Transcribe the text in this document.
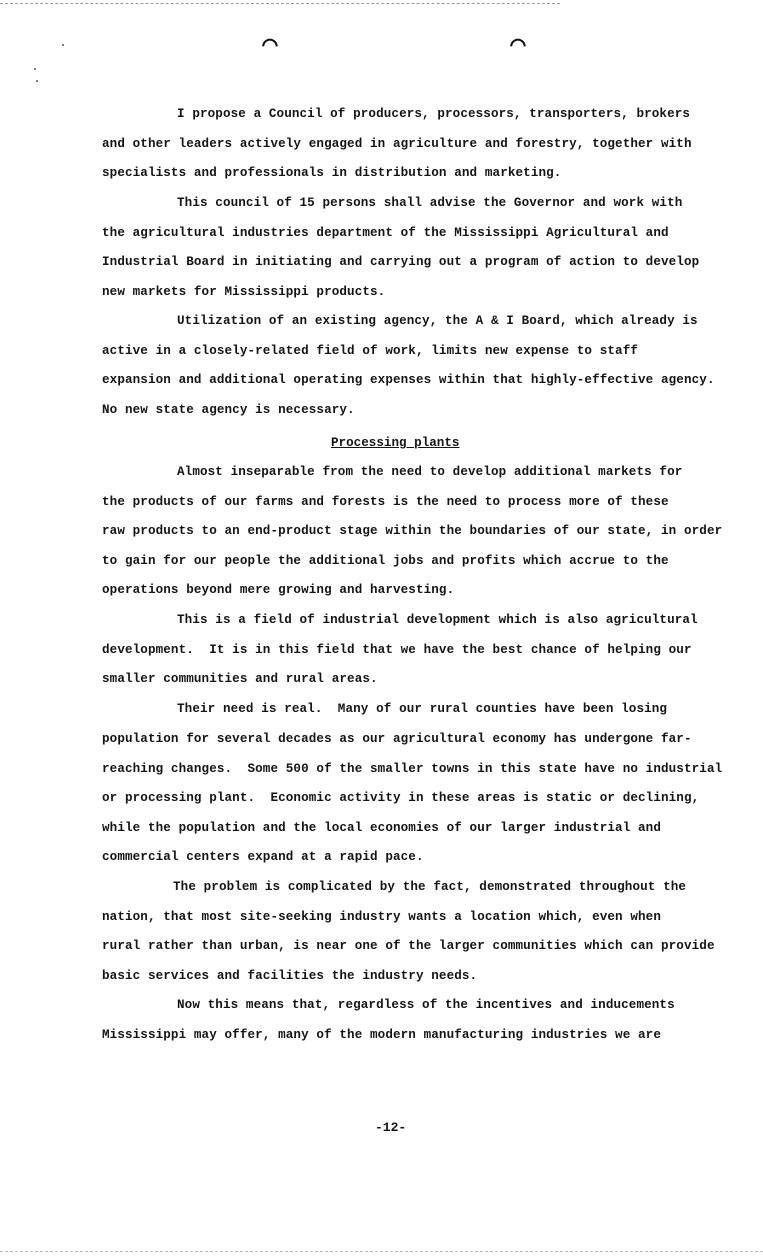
⌒	⌒
I propose a Council of producers, processors, transporters, brokers
and other leaders actively engaged in agriculture and forestry, together with
specialists and professionals in distribution and marketing.
This council of 15 persons shall advise the Governor and work with
the agricultural industries department of the Mississippi Agricultural and
Industrial Board in initiating and carrying out a program of action to develop
new markets for Mississippi products.
Utilization of an existing agency, the A & I Board, which already is
active in a closely-related field of work, limits new expense to staff
expansion and additional operating expenses within that highly-effective agency.
No new state agency is necessary.
Almost inseparable from the need to develop additional markets for
the products of our farms and forests is the need to process more of these
raw products to an end-product stage within the boundaries of our state, in order
to gain for our people the additional jobs and profits which accrue to the
operations beyond mere growing and harvesting.
This is a field of industrial development which is also agricultural
development.  It is in this field that we have the best chance of helping our
smaller communities and rural areas.
Their need is real.  Many of our rural counties have been losing
population for several decades as our agricultural economy has undergone far-
reaching changes.  Some 500 of the smaller towns in this state have no industrial
or processing plant.  Economic activity in these areas is static or declining,
while the population and the local economies of our larger industrial and
commercial centers expand at a rapid pace.
The problem is complicated by the fact, demonstrated throughout the
nation, that most site-seeking industry wants a location which, even when
rural rather than urban, is near one of the larger communities which can provide
basic services and facilities the industry needs.
Now this means that, regardless of the incentives and inducements
Mississippi may offer, many of the modern manufacturing industries we are
Processing plants
-12-
